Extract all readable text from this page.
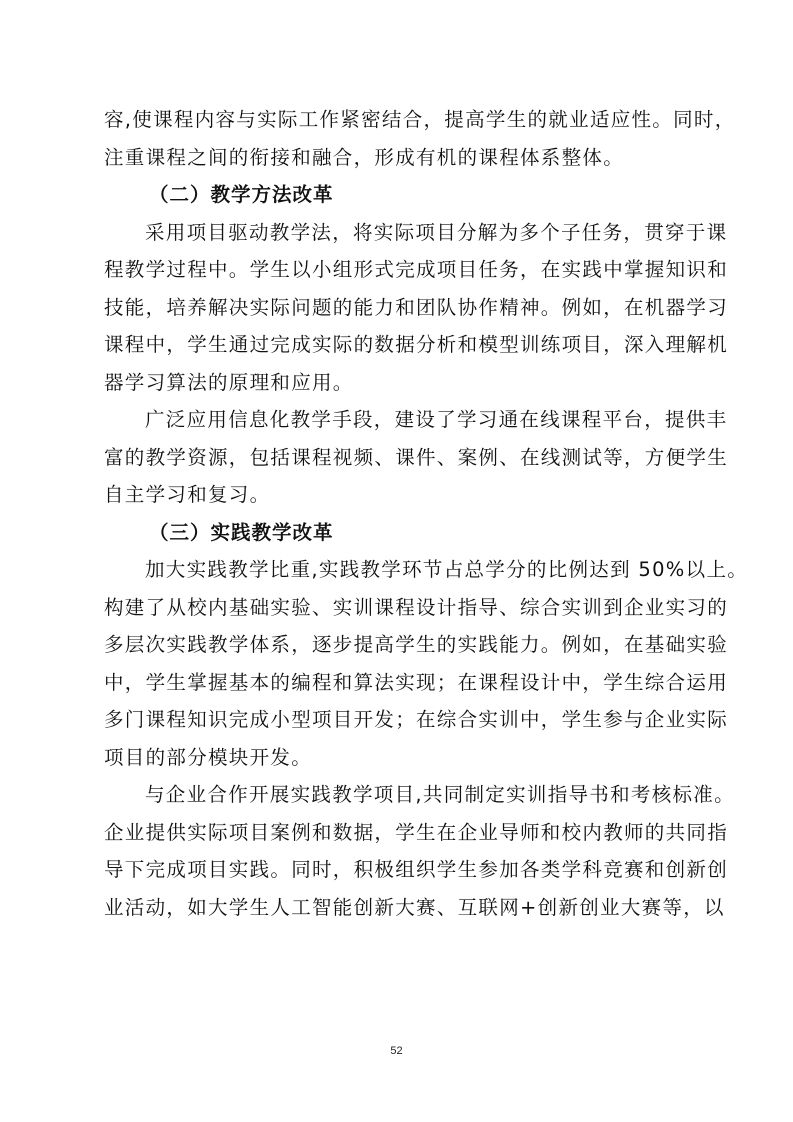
容,使课程内容与实际工作紧密结合，提高学生的就业适应性。同时，
注重课程之间的衔接和融合，形成有机的课程体系整体。
（二）教学方法改革
采用项目驱动教学法，将实际项目分解为多个子任务，贯穿于课
程教学过程中。学生以小组形式完成项目任务，在实践中掌握知识和
技能，培养解决实际问题的能力和团队协作精神。例如，在机器学习
课程中，学生通过完成实际的数据分析和模型训练项目，深入理解机
器学习算法的原理和应用。
广泛应用信息化教学手段，建设了学习通在线课程平台，提供丰
富的教学资源，包括课程视频、课件、案例、在线测试等，方便学生
自主学习和复习。
（三）实践教学改革
加大实践教学比重,实践教学环节占总学分的比例达到 50%以上。
构建了从校内基础实验、实训课程设计指导、综合实训到企业实习的
多层次实践教学体系，逐步提高学生的实践能力。例如，在基础实验
中，学生掌握基本的编程和算法实现；在课程设计中，学生综合运用
多门课程知识完成小型项目开发；在综合实训中，学生参与企业实际
项目的部分模块开发。
与企业合作开展实践教学项目,共同制定实训指导书和考核标准。
企业提供实际项目案例和数据，学生在企业导师和校内教师的共同指
导下完成项目实践。同时，积极组织学生参加各类学科竞赛和创新创
业活动，如大学生人工智能创新大赛、互联网+创新创业大赛等，以
52
